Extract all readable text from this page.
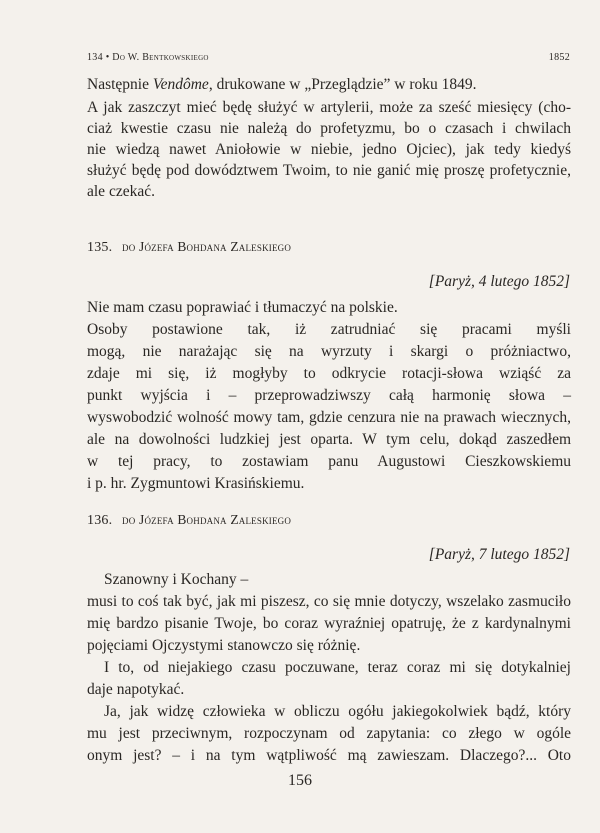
134 • Do W. Bentkowskiego	1852
Następnie Vendôme, drukowane w „Przeglądzie” w roku 1849.
A jak zaszczyt mieć będę służyć w artylerii, może za sześć miesięcy (cho-
ciaż kwestie czasu nie należą do profetyzmu, bo o czasach i chwilach
nie wiedzą nawet Aniołowie w niebie, jedno Ojciec), jak tedy kiedyś
służyć będę pod dowództwem Twoim, to nie ganić mię proszę profetycznie,
ale czekać.
135. do Józefa Bohdana Zaleskiego
[Paryż, 4 lutego 1852]
Nie mam czasu poprawiać i tłumaczyć na polskie.
Osoby postawione tak, iż zatrudniać się pracami myśli
mogą, nie narażając się na wyrzuty i skargi o próżniactwo,
zdaje mi się, iż mogłyby to odkrycie rotacji-słowa wziąść za
punkt wyjścia i – przeprowadziwszy całą harmonię słowa –
wyswobodzić wolność mowy tam, gdzie cenzura nie na prawach wiecznych,
ale na dowolności ludzkiej jest oparta. W tym celu, dokąd zaszedłem
w tej pracy, to zostawiam panu Augustowi Cieszkowskiemu
i p. hr. Zygmuntowi Krasińskiemu.
136. do Józefa Bohdana Zaleskiego
[Paryż, 7 lutego 1852]
Szanowny i Kochany –
musi to coś tak być, jak mi piszesz, co się mnie dotyczy, wszelako zasmuciło
mię bardzo pisanie Twoje, bo coraz wyraźniej opatruję, że z kardynalnymi
pojęciami Ojczystymi stanowczo się różnię.
I to, od niejakiego czasu poczuwane, teraz coraz mi się dotykalniej
daje napotykać.
Ja, jak widzę człowieka w obliczu ogółu jakiegokolwiek bądź, który
mu jest przeciwnym, rozpoczynam od zapytania: co złego w ogóle
onym jest? – i na tym wątpliwość mą zawieszam. Dlaczego?... Oto
156
